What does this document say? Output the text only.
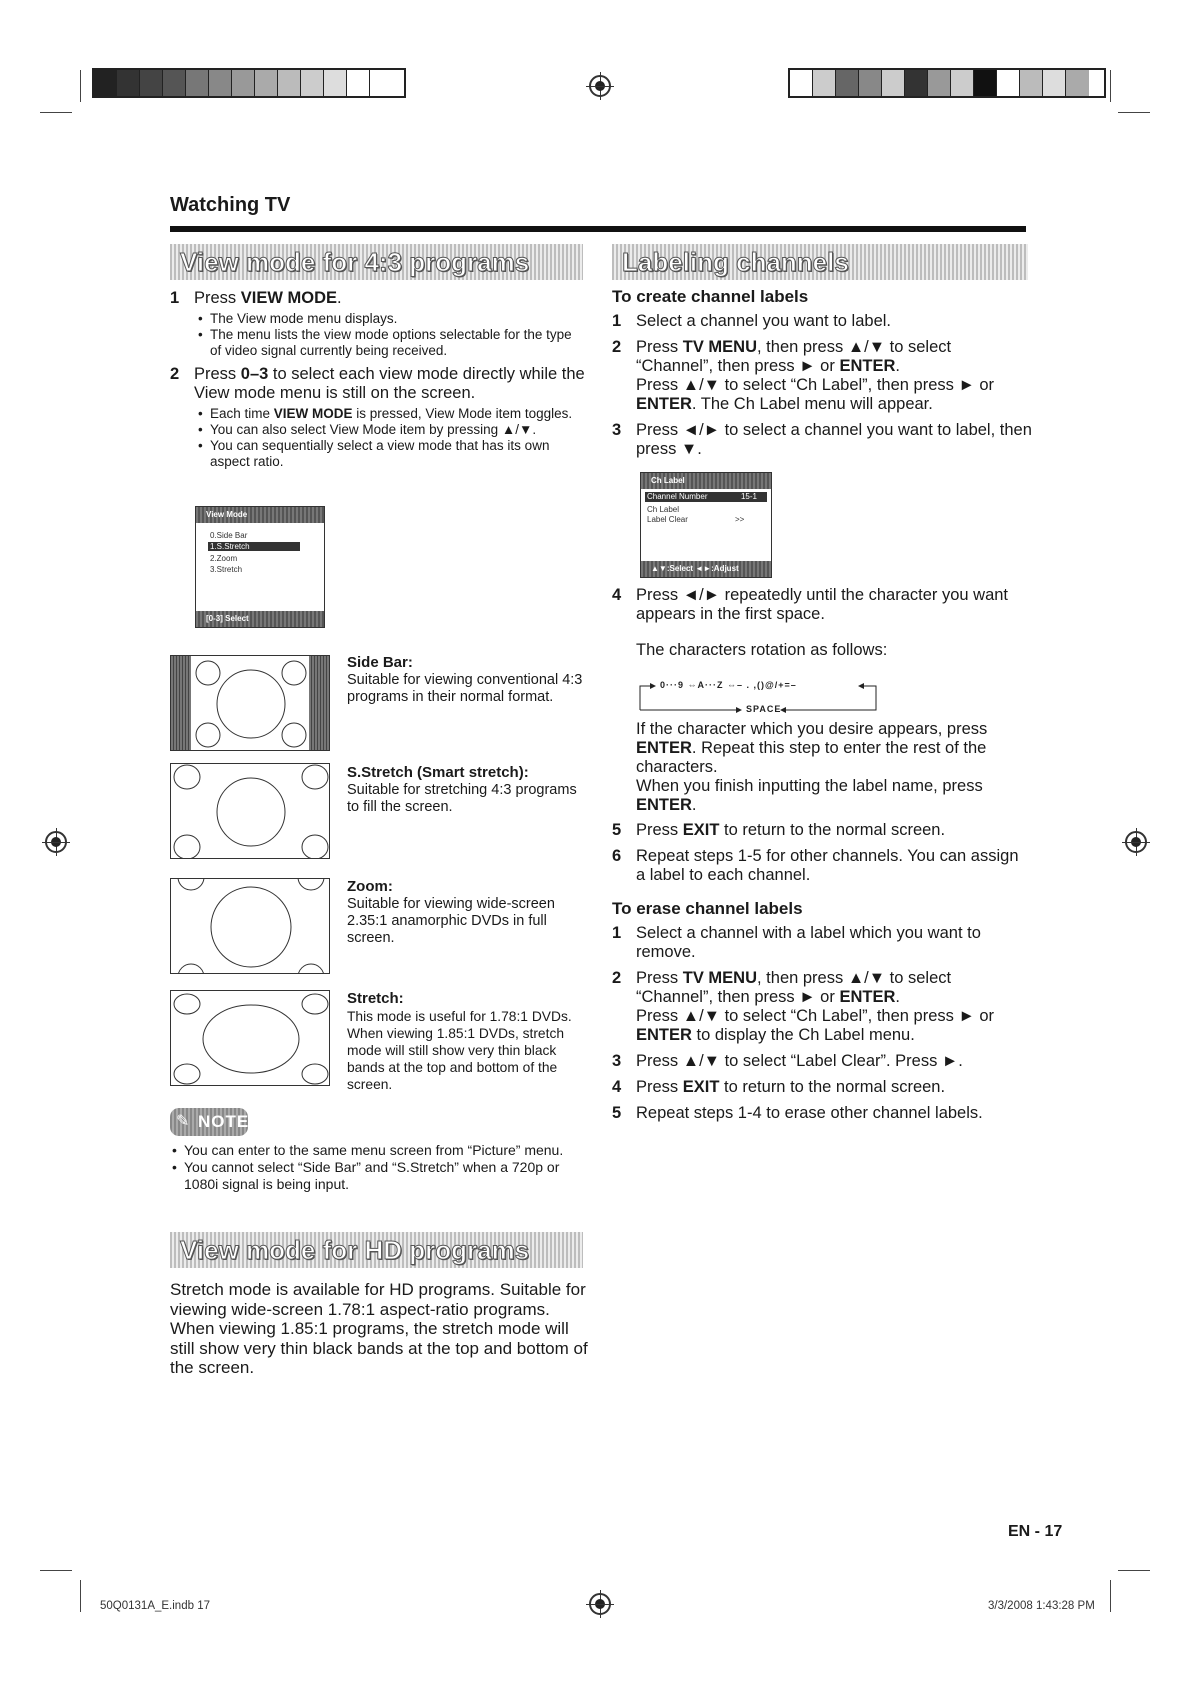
Watching TV
View mode for 4:3 programs
1 Press VIEW MODE.
• The View mode menu displays.
• The menu lists the view mode options selectable for the type of video signal currently being received.
2 Press 0–3 to select each view mode directly while the View mode menu is still on the screen.
• Each time VIEW MODE is pressed, View Mode item toggles.
• You can also select View Mode item by pressing ▲/▼.
• You can sequentially select a view mode that has its own aspect ratio.
View Mode
0.Side Bar
1.S.Stretch
2.Zoom
3.Stretch
[0-3] Select
Side Bar:
Suitable for viewing conventional 4:3 programs in their normal format.
S.Stretch (Smart stretch):
Suitable for stretching 4:3 programs to fill the screen.
Zoom:
Suitable for viewing wide-screen 2.35:1 anamorphic DVDs in full screen.
Stretch:
This mode is useful for 1.78:1 DVDs. When viewing 1.85:1 DVDs, stretch mode will still show very thin black bands at the top and bottom of the screen.
✎ NOTE
• You can enter to the same menu screen from “Picture” menu.
• You cannot select “Side Bar” and “S.Stretch” when a 720p or 1080i signal is being input.
View mode for HD programs
Stretch mode is available for HD programs. Suitable for viewing wide-screen 1.78:1 aspect-ratio programs. When viewing 1.85:1 programs, the stretch mode will still show very thin black bands at the top and bottom of the screen.
Labeling channels
To create channel labels
1 Select a channel you want to label.
2 Press TV MENU, then press ▲/▼ to select “Channel”, then press ► or ENTER.
Press ▲/▼ to select “Ch Label”, then press ► or ENTER. The Ch Label menu will appear.
3 Press ◄/► to select a channel you want to label, then press ▼.
Ch Label
Channel Number	15-1
Ch Label
Label Clear	>>
▲▼:Select ◄►:Adjust
4 Press ◄/► repeatedly until the character you want appears in the first space.
The characters rotation as follows:
0···9 ⇔A···Z ⇔– . ,()@/+=–
SPACE
If the character which you desire appears, press ENTER. Repeat this step to enter the rest of the characters.
When you finish inputting the label name, press ENTER.
5 Press EXIT to return to the normal screen.
6 Repeat steps 1-5 for other channels. You can assign a label to each channel.
To erase channel labels
1 Select a channel with a label which you want to remove.
2 Press TV MENU, then press ▲/▼ to select “Channel”, then press ► or ENTER.
Press ▲/▼ to select “Ch Label”, then press ► or ENTER to display the Ch Label menu.
3 Press ▲/▼ to select “Label Clear”. Press ►.
4 Press EXIT to return to the normal screen.
5 Repeat steps 1-4 to erase other channel labels.
EN - 17
50Q0131A_E.indb 17	3/3/2008 1:43:28 PM
